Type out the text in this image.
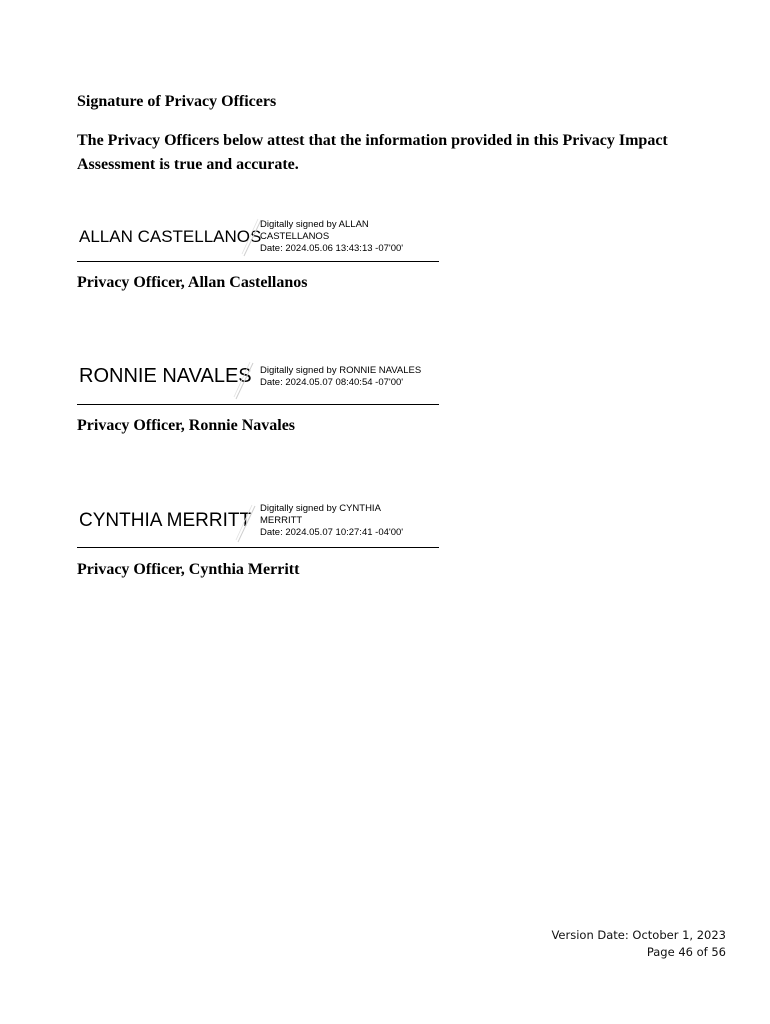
Signature of Privacy Officers
The Privacy Officers below attest that the information provided in this Privacy Impact Assessment is true and accurate.
ALLAN CASTELLANOS
Digitally signed by ALLAN
CASTELLANOS
Date: 2024.05.06 13:43:13 -07'00'
Privacy Officer, Allan Castellanos
RONNIE NAVALES Digitally signed by RONNIE NAVALES
Date: 2024.05.07 08:40:54 -07'00'
Privacy Officer, Ronnie Navales
CYNTHIA MERRITT
Digitally signed by CYNTHIA
MERRITT
Date: 2024.05.07 10:27:41 -04'00'
Privacy Officer, Cynthia Merritt
Version Date: October 1, 2023
Page 46 of 56
